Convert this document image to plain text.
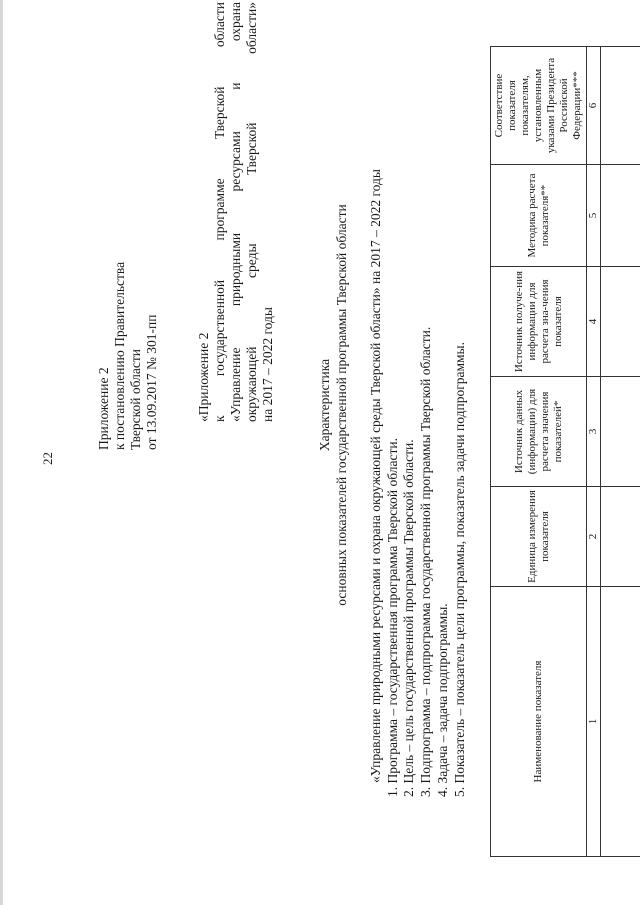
22
Приложение 2 к постановлению Правительства Тверской области от 13.09.2017 № 301-пп	«Приложение 2 к
государственной
программе
Тверской
области
«Управление
природными
ресурсами
и
охрана
окружающей
среды
Тверской
области»
на 2017 – 2022 годы	Характеристика основных показателей государственной программы Тверской области «Управление природными ресурсами и охрана окружающей среды Тверской области» на 2017 – 2022 годы 1. Программа – государственная программа Тверской области. 2. Цель – цель государственной программы Тверской области. 3. Подпрограмма – подпрограмма государственной программы Тверской области. 4. Задача – задача подпрограммы. 5. Показатель – показатель цели программы, показатель задачи подпрограммы.	Наименование показателя	Единица измерения показателя	Источник данных (информации) для расчета значения показателей*	Источник получе-ния информации для расчета зна-чения показателя	Методика расчета показателя**	Соответствие показателя показателям, установленным указами Президента Российской Федерации***
1	2	3	4	5	6
